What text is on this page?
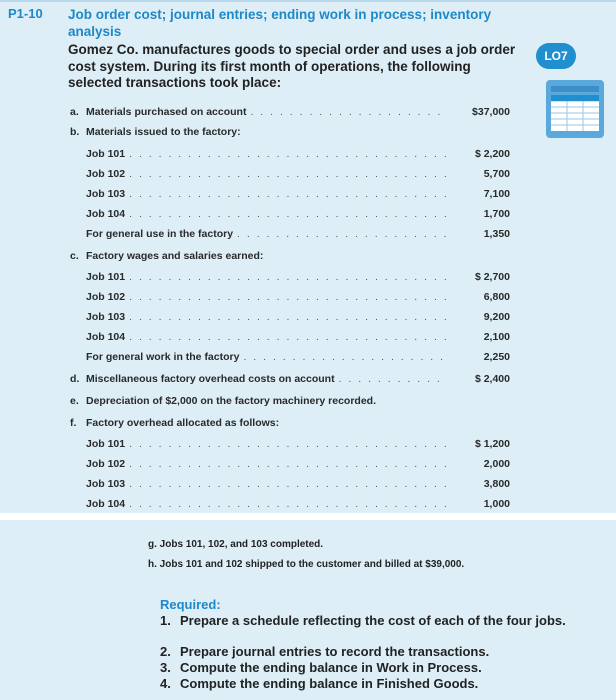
P1-10 Job order cost; journal entries; ending work in process; inventory analysis
Gomez Co. manufactures goods to special order and uses a job order cost system. During its first month of operations, the following selected transactions took place:
LO7
a. Materials purchased on account . . .	$37,000
b. Materials issued to the factory:
Job 101 . . .	$ 2,200
Job 102 . . .	5,700
Job 103 . . .	7,100
Job 104 . . .	1,700
For general use in the factory . . .	1,350
c. Factory wages and salaries earned:
Job 101 . . .	$ 2,700
Job 102 . . .	6,800
Job 103 . . .	9,200
Job 104 . . .	2,100
For general work in the factory . . .	2,250
d. Miscellaneous factory overhead costs on account . . .	$ 2,400
e. Depreciation of $2,000 on the factory machinery recorded.
f. Factory overhead allocated as follows:
Job 101 . . .	$ 1,200
Job 102 . . .	2,000
Job 103 . . .	3,800
Job 104 . . .	1,000
g. Jobs 101, 102, and 103 completed.
h. Jobs 101 and 102 shipped to the customer and billed at $39,000.
Required:
1. Prepare a schedule reflecting the cost of each of the four jobs.
2. Prepare journal entries to record the transactions.
3. Compute the ending balance in Work in Process.
4. Compute the ending balance in Finished Goods.
